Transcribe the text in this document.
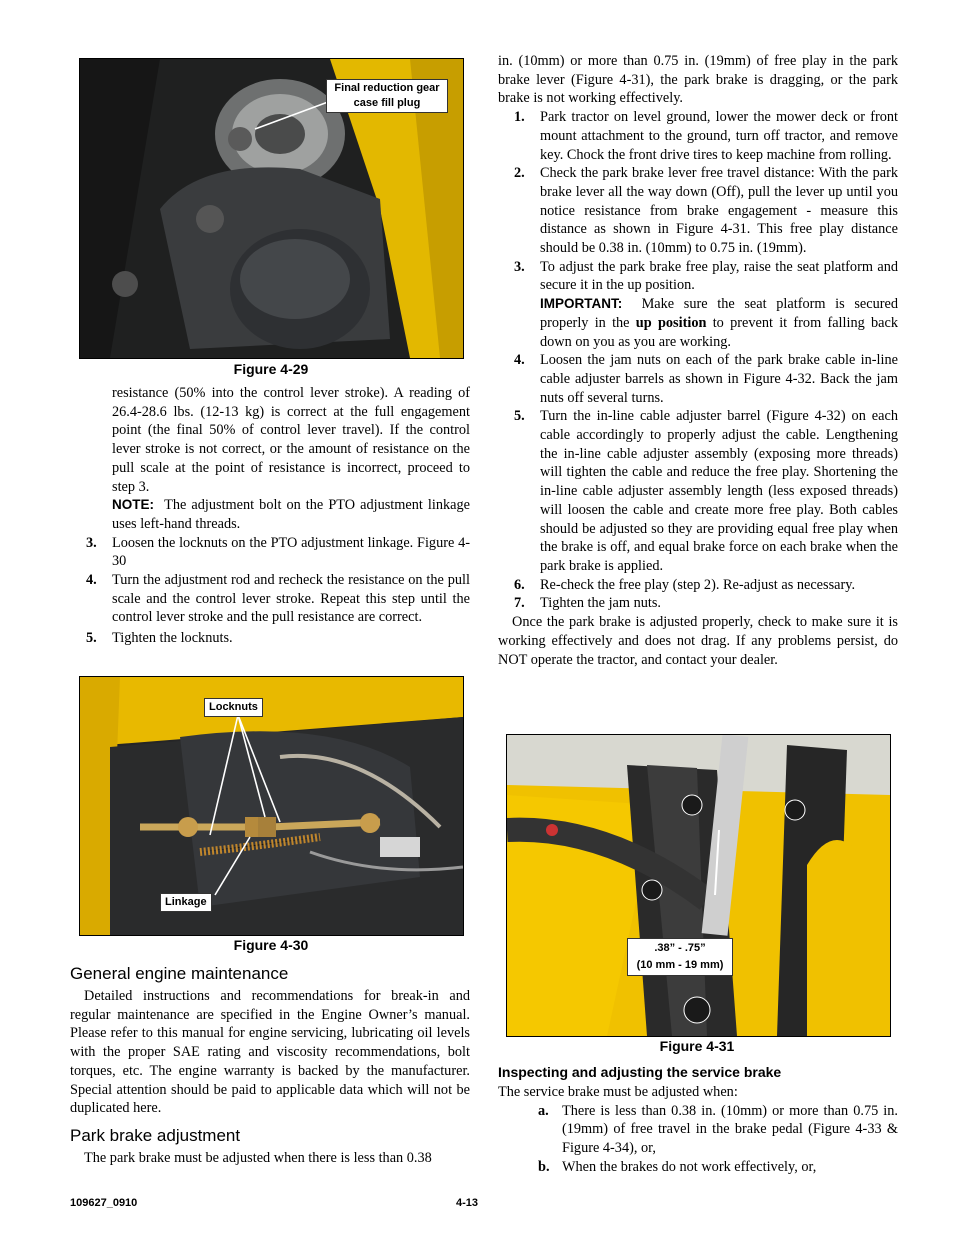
Final reduction gear case fill plug
Figure 4-29
resistance (50% into the control lever stroke). A reading of 26.4-28.6 lbs. (12-13 kg) is correct at the full engagement point (the final 50% of control lever travel). If the control lever stroke is not correct, or the amount of resistance on the pull scale at the point of resistance is incorrect, proceed to step 3.
NOTE: The adjustment bolt on the PTO adjustment linkage uses left-hand threads.
3. Loosen the locknuts on the PTO adjustment linkage. Figure 4-30
4. Turn the adjustment rod and recheck the resistance on the pull scale and the control lever stroke. Repeat this step until the control lever stroke and the pull resistance are correct.
5. Tighten the locknuts.
Locknuts
Linkage
Figure 4-30
General engine maintenance
Detailed instructions and recommendations for break-in and regular maintenance are specified in the Engine Owner’s manual. Please refer to this manual for engine servicing, lubricating oil levels with the proper SAE rating and viscosity recommendations, bolt torques, etc. The engine warranty is backed by the manufacturer. Special attention should be paid to applicable data which will not be duplicated here.
Park brake adjustment
The park brake must be adjusted when there is less than 0.38
in. (10mm) or more than 0.75 in. (19mm) of free play in the park brake lever (Figure 4-31), the park brake is dragging, or the park brake is not working effectively.
1. Park tractor on level ground, lower the mower deck or front mount attachment to the ground, turn off tractor, and remove key. Chock the front drive tires to keep machine from rolling.
2. Check the park brake lever free travel distance: With the park brake lever all the way down (Off), pull the lever up until you notice resistance from brake engagement - measure this distance as shown in Figure 4-31. This free play distance should be 0.38 in. (10mm) to 0.75 in. (19mm).
3. To adjust the park brake free play, raise the seat platform and secure it in the up position.
IMPORTANT: Make sure the seat platform is secured properly in the up position to prevent it from falling back down on you as you are working.
4. Loosen the jam nuts on each of the park brake cable in-line cable adjuster barrels as shown in Figure 4-32. Back the jam nuts off several turns.
5. Turn the in-line cable adjuster barrel (Figure 4-32) on each cable accordingly to properly adjust the cable. Lengthening the in-line cable adjuster assembly (exposing more threads) will tighten the cable and reduce the free play. Shortening the in-line cable adjuster assembly length (less exposed threads) will loosen the cable and create more free play. Both cables should be adjusted so they are providing equal free play when the brake is off, and equal brake force on each brake when the park brake is applied.
6. Re-check the free play (step 2). Re-adjust as necessary.
7. Tighten the jam nuts.
Once the park brake is adjusted properly, check to make sure it is working effectively and does not drag. If any problems persist, do NOT operate the tractor, and contact your dealer.
.38” - .75”
(10 mm - 19 mm)
Figure 4-31
Inspecting and adjusting the service brake
The service brake must be adjusted when:
a. There is less than 0.38 in. (10mm) or more than 0.75 in. (19mm) of free travel in the brake pedal (Figure 4-33 & Figure 4-34), or,
b. When the brakes do not work effectively, or,
109627_0910	4-13
